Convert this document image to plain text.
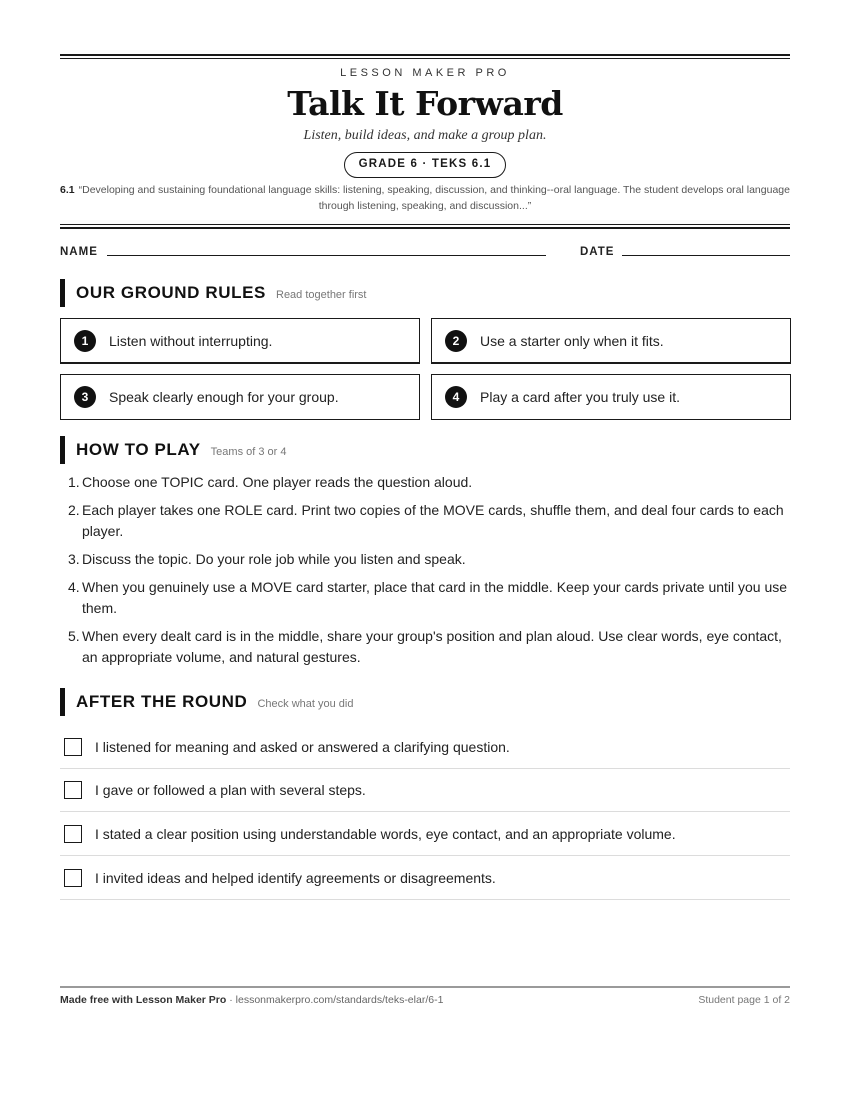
LESSON MAKER PRO
Talk It Forward
Listen, build ideas, and make a group plan.
GRADE 6 · TEKS 6.1
6.1 “Developing and sustaining foundational language skills: listening, speaking, discussion, and thinking--oral language. The student develops oral language through listening, speaking, and discussion...”
NAME	DATE
OUR GROUND RULES Read together first
1	Listen without interrupting.	2	Use a starter only when it fits.
3	Speak clearly enough for your group.	4	Play a card after you truly use it.
HOW TO PLAY Teams of 3 or 4
1. Choose one TOPIC card. One player reads the question aloud.
2. Each player takes one ROLE card. Print two copies of the MOVE cards, shuffle them, and deal four cards to each player.
3. Discuss the topic. Do your role job while you listen and speak.
4. When you genuinely use a MOVE card starter, place that card in the middle. Keep your cards private until you use them.
5. When every dealt card is in the middle, share your group's position and plan aloud. Use clear words, eye contact, an appropriate volume, and natural gestures.
AFTER THE ROUND Check what you did
I listened for meaning and asked or answered a clarifying question.
I gave or followed a plan with several steps.
I stated a clear position using understandable words, eye contact, and an appropriate volume.
I invited ideas and helped identify agreements or disagreements.
Made free with Lesson Maker Pro · lessonmakerpro.com/standards/teks-elar/6-1	Student page 1 of 2
